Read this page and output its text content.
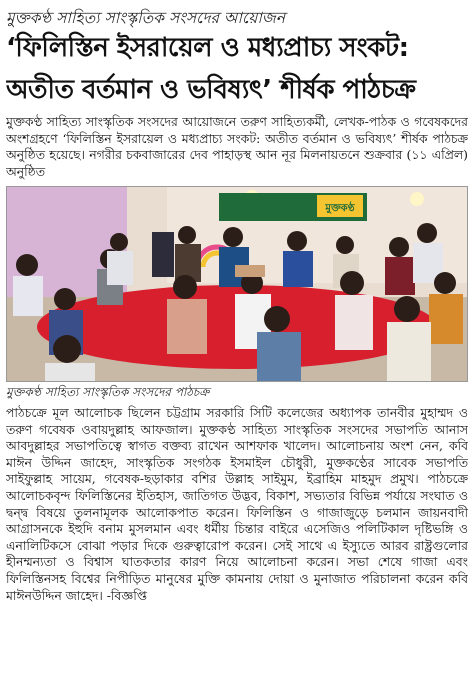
মুক্তকণ্ঠ সাহিত্য সাংস্কৃতিক সংসদের আয়োজন
‘ফিলিস্তিন ইসরায়েল ও মধ্যপ্রাচ্য সংকট:
অতীত বর্তমান ও ভবিষ্যৎ’ শীর্ষক পাঠচক্র

মুক্তকণ্ঠ সাহিত্য সাংস্কৃতিক সংসদের আয়োজনে তরুণ সাহিত্যকর্মী, লেখক-পাঠক ও গবেষকদের অংশগ্রহণে ‘ফিলিস্তিন ইসরায়েল ও মধ্যপ্রাচ্য সংকট: অতীত বর্তমান ও ভবিষ্যৎ’ শীর্ষক পাঠচক্র অনুষ্ঠিত হয়েছে। নগরীর চকবাজারের দেব পাহাড়স্থ আন নূর মিলনায়তনে শুক্রবার (১১ এপ্রিল) অনুষ্ঠিত

মুক্তকণ্ঠ
মুক্তকণ্ঠ সাহিত্য সাংস্কৃতিক সংসদের পাঠচক্র

পাঠচক্রে মূল আলোচক ছিলেন চট্টগ্রাম সরকারি সিটি কলেজের অধ্যাপক তানবীর মুহাম্মদ ও তরুণ গবেষক ওবায়দুল্লাহ আফজাল। মুক্তকণ্ঠ সাহিত্য সাংস্কৃতিক সংসদের সভাপতি আনাস আবদুল্লাহর সভাপতিত্বে স্বাগত বক্তব্য রাখেন আশফাক খালেদ। আলোচনায় অংশ নেন, কবি মাঈন উদ্দিন জাহেদ, সাংস্কৃতিক সংগঠক ইসমাইল চৌধুরী, মুক্তকণ্ঠের সাবেক সভাপতি সাইফুল্লাহ সায়েম, গবেষক-ছড়াকার বশির উল্লাহ সাইমুম, ইব্রাহিম মাহমুদ প্রমুখ। পাঠচক্রে আলোচকবৃন্দ ফিলিস্তিনের ইতিহাস, জাতিগত উদ্ভব, বিকাশ, সভ্যতার বিভিন্ন পর্যায়ে সংঘাত ও দ্বন্দ্ব বিষয়ে তুলনামূলক আলোকপাত করেন। ফিলিস্তিন ও গাজাজুড়ে চলমান জায়নবাদী আগ্রাসনকে ইহুদি বনাম মুসলমান এবং ধর্মীয় চিন্তার বাইরে এসেজিও পলিটিকাল দৃষ্টিভঙ্গি ও এনালিটিকসে বোঝা পড়ার দিকে গুরুত্বারোপ করেন। সেই সাথে এ ইস্যুতে আরব রাষ্ট্রগুলোর হীনম্মন্যতা ও বিশ্বাস ঘাতকতার কারণ নিয়ে আলোচনা করেন। সভা শেষে গাজা এবং ফিলিস্তিনসহ বিশ্বের নিপীড়িত মানুষের মুক্তি কামনায় দোয়া ও মুনাজাত পরিচালনা করেন কবি মাঈনউদ্দিন জাহেদ। -বিজ্ঞপ্তি
